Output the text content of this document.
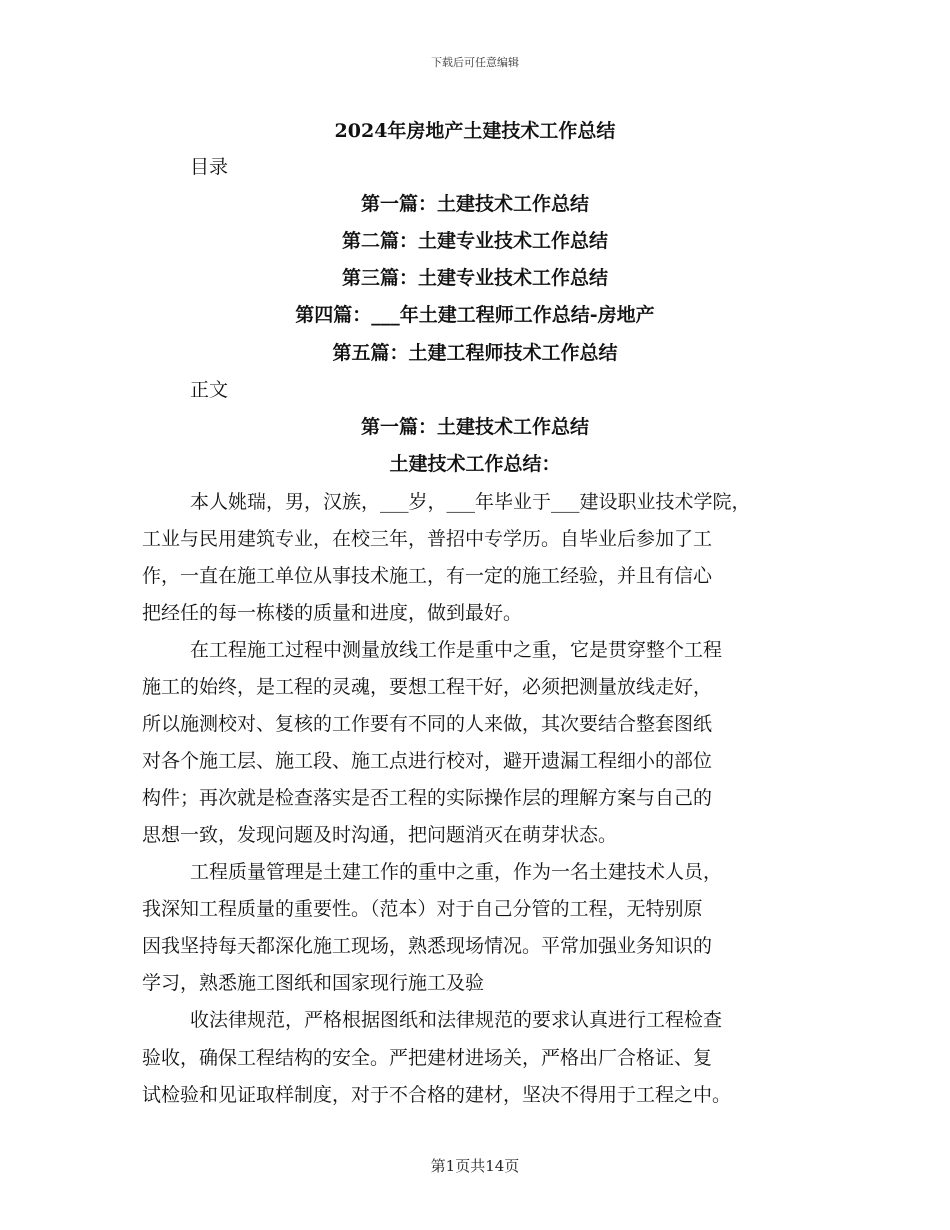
下载后可任意编辑
2024年房地产土建技术工作总结
目录
第一篇：土建技术工作总结
第二篇：土建专业技术工作总结
第三篇：土建专业技术工作总结
第四篇：___年土建工程师工作总结-房地产
第五篇：土建工程师技术工作总结
正文
第一篇：土建技术工作总结
土建技术工作总结：
本人姚瑞，男，汉族，___岁，___年毕业于___建设职业技术学院，
工业与民用建筑专业，在校三年，普招中专学历。自毕业后参加了工
作，一直在施工单位从事技术施工，有一定的施工经验，并且有信心
把经任的每一栋楼的质量和进度，做到最好。
在工程施工过程中测量放线工作是重中之重，它是贯穿整个工程
施工的始终，是工程的灵魂，要想工程干好，必须把测量放线走好，
所以施测校对、复核的工作要有不同的人来做，其次要结合整套图纸
对各个施工层、施工段、施工点进行校对，避开遗漏工程细小的部位
构件；再次就是检查落实是否工程的实际操作层的理解方案与自己的
思想一致，发现问题及时沟通，把问题消灭在萌芽状态。
工程质量管理是土建工作的重中之重，作为一名土建技术人员，
我深知工程质量的重要性。（范本）对于自己分管的工程，无特别原
因我坚持每天都深化施工现场，熟悉现场情况。平常加强业务知识的
学习，熟悉施工图纸和国家现行施工及验
收法律规范，严格根据图纸和法律规范的要求认真进行工程检查
验收，确保工程结构的安全。严把建材进场关，严格出厂合格证、复
试检验和见证取样制度，对于不合格的建材，坚决不得用于工程之中。
第1页共14页
